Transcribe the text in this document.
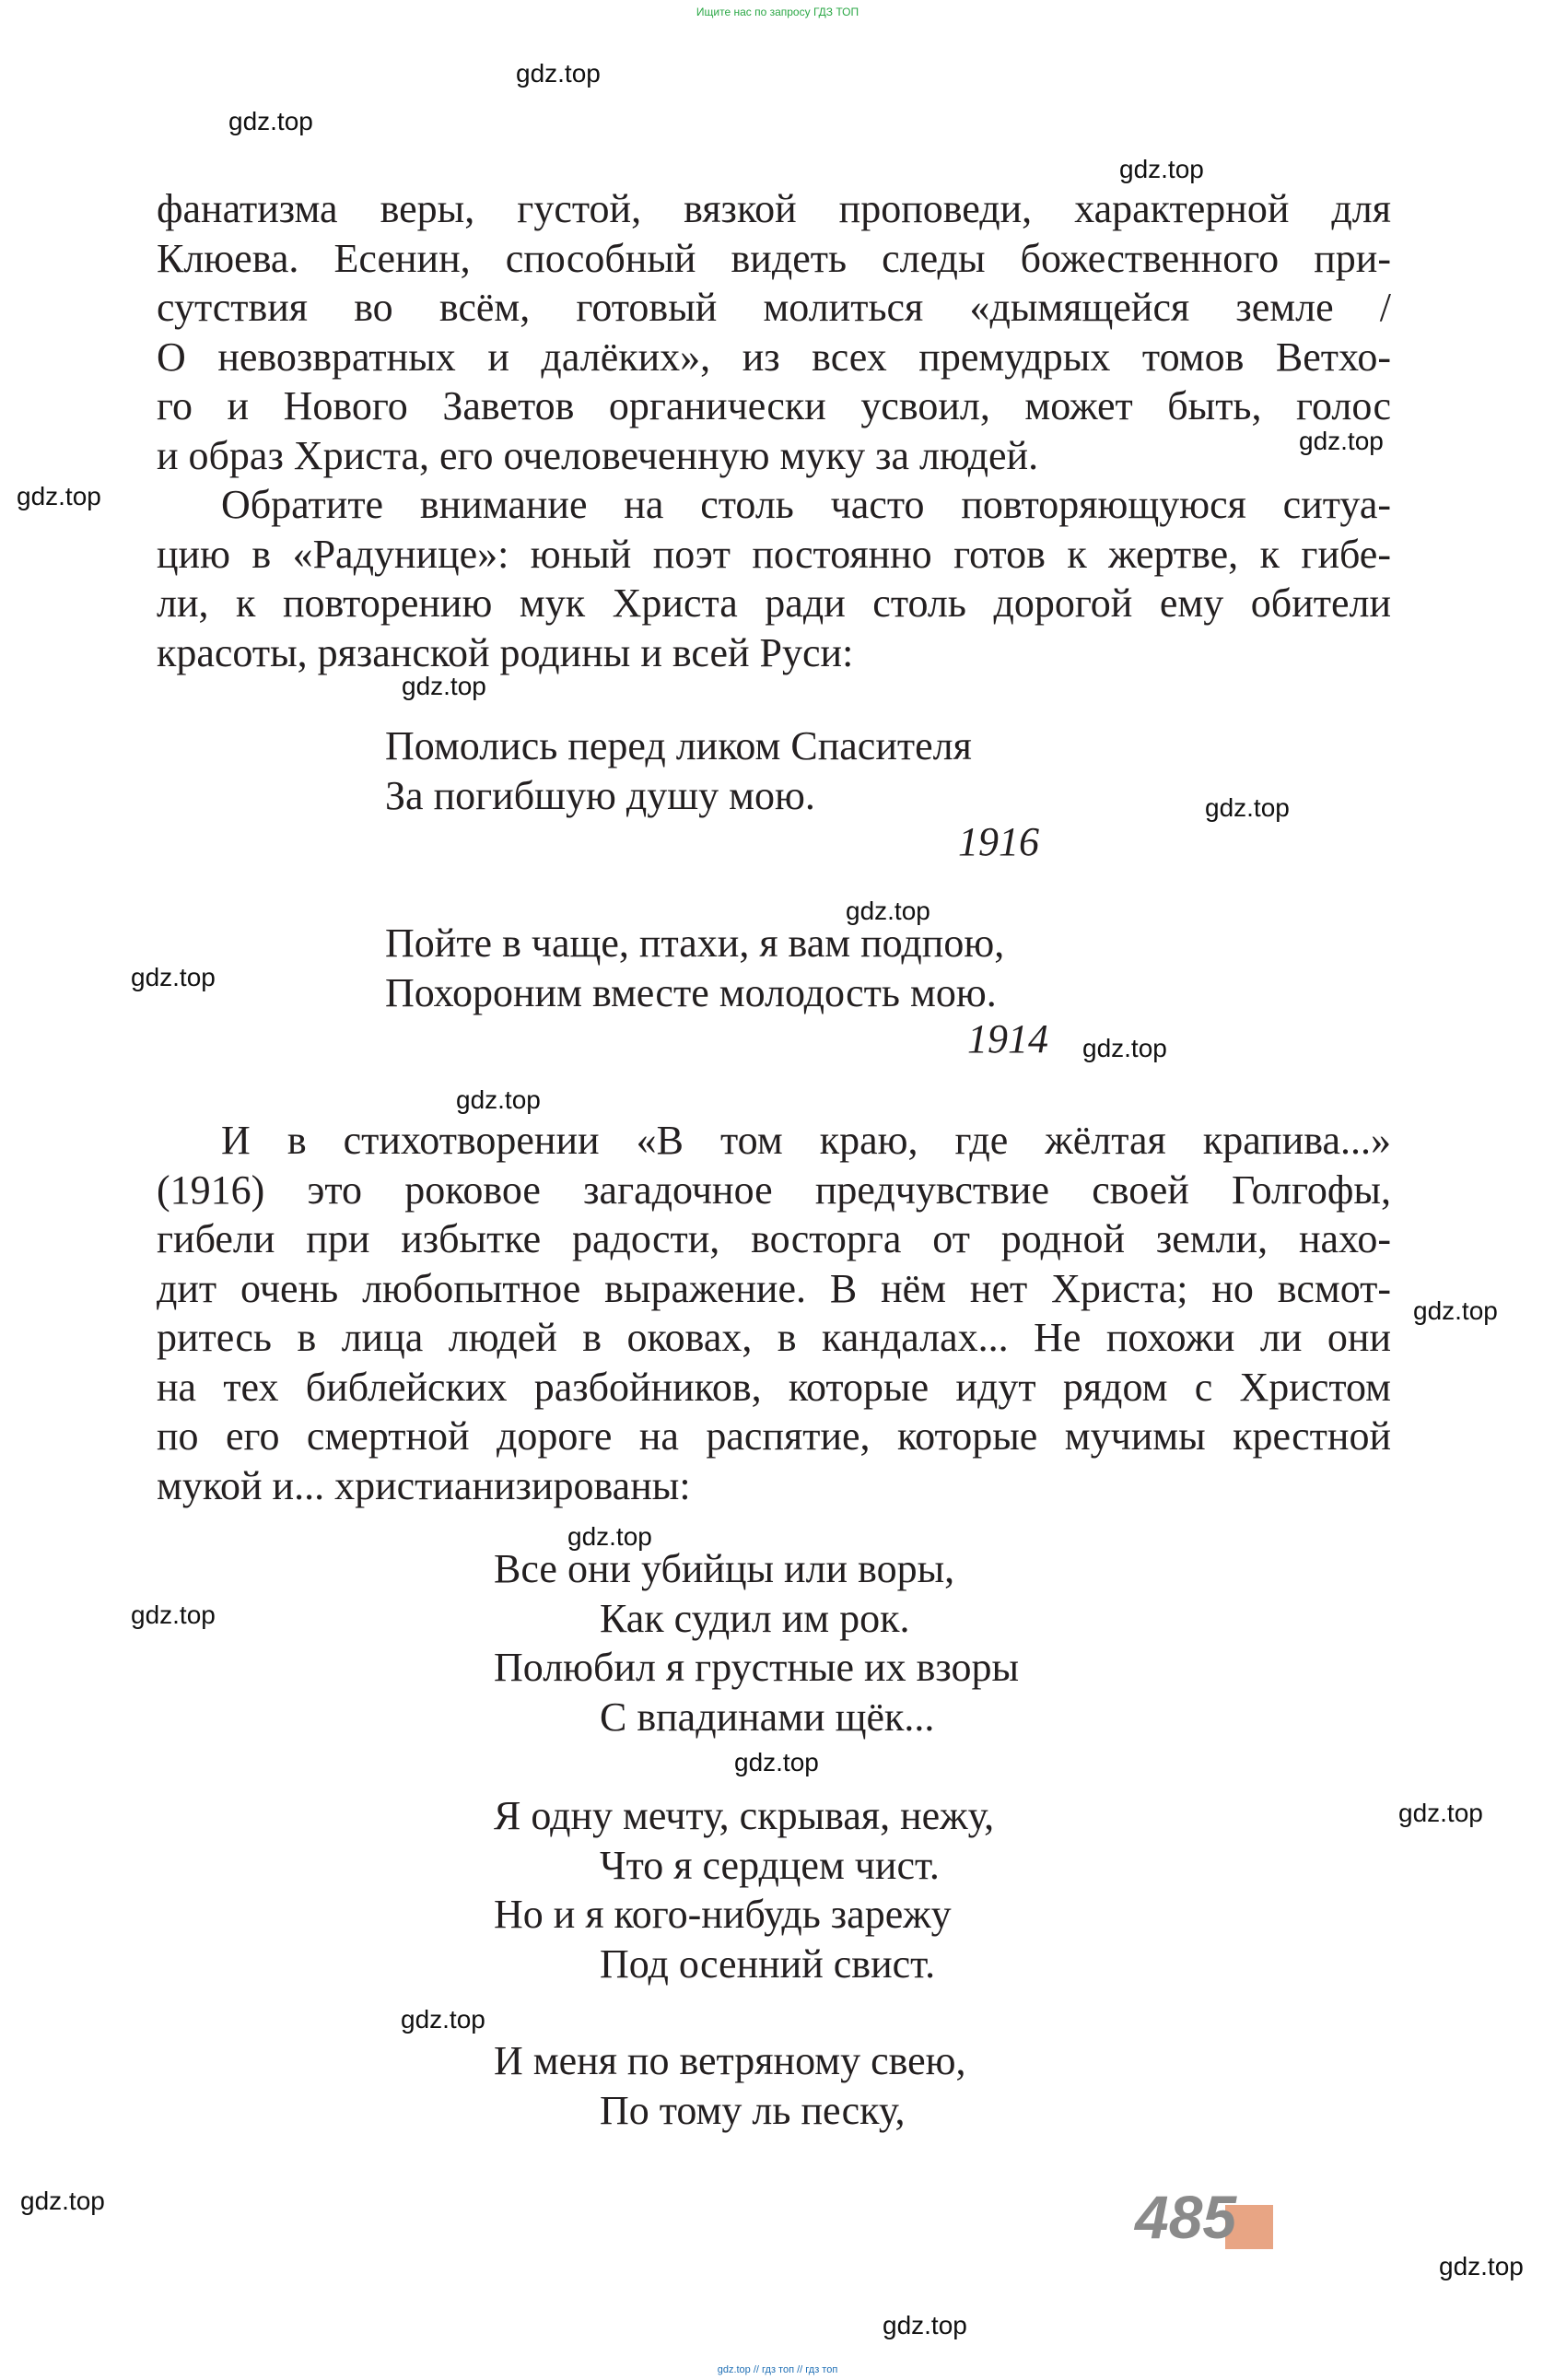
Ищите нас по запросу ГДЗ ТОП
gdz.top
gdz.top
gdz.top
gdz.top
gdz.top
gdz.top
gdz.top
gdz.top
gdz.top
gdz.top
gdz.top
gdz.top
gdz.top
gdz.top
gdz.top
gdz.top
gdz.top
gdz.top
gdz.top
gdz.top
фанатизма веры, густой, вязкой проповеди, характерной для
Клюева. Есенин, способный видеть следы божественного при-
сутствия во всём, готовый молиться «дымящейся земле /
О невозвратных и далёких», из всех премудрых томов Ветхо-
го и Нового Заветов органически усвоил, может быть, голос
и образ Христа, его очеловеченную муку за людей.
Обратите внимание на столь часто повторяющуюся ситуа-
цию в «Радунице»: юный поэт постоянно готов к жертве, к гибе-
ли, к повторению мук Христа ради столь дорогой ему обители
красоты, рязанской родины и всей Руси:
Помолись перед ликом Спасителя
За погибшую душу мою.
1916
Пойте в чаще, птахи, я вам подпою,
Похороним вместе молодость мою.
1914
И в стихотворении «В том краю, где жёлтая крапива...»
(1916) это роковое загадочное предчувствие своей Голгофы,
гибели при избытке радости, восторга от родной земли, нахо-
дит очень любопытное выражение. В нём нет Христа; но всмот-
ритесь в лица людей в оковах, в кандалах... Не похожи ли они
на тех библейских разбойников, которые идут рядом с Христом
по его смертной дороге на распятие, которые мучимы крестной
мукой и... христианизированы:
Все они убийцы или воры,
Как судил им рок.
Полюбил я грустные их взоры
С впадинами щёк...
Я одну мечту, скрывая, нежу,
Что я сердцем чист.
Но и я кого-нибудь зарежу
Под осенний свист.
И меня по ветряному свею,
По тому ль песку,
485
gdz.top // гдз топ // гдз топ
